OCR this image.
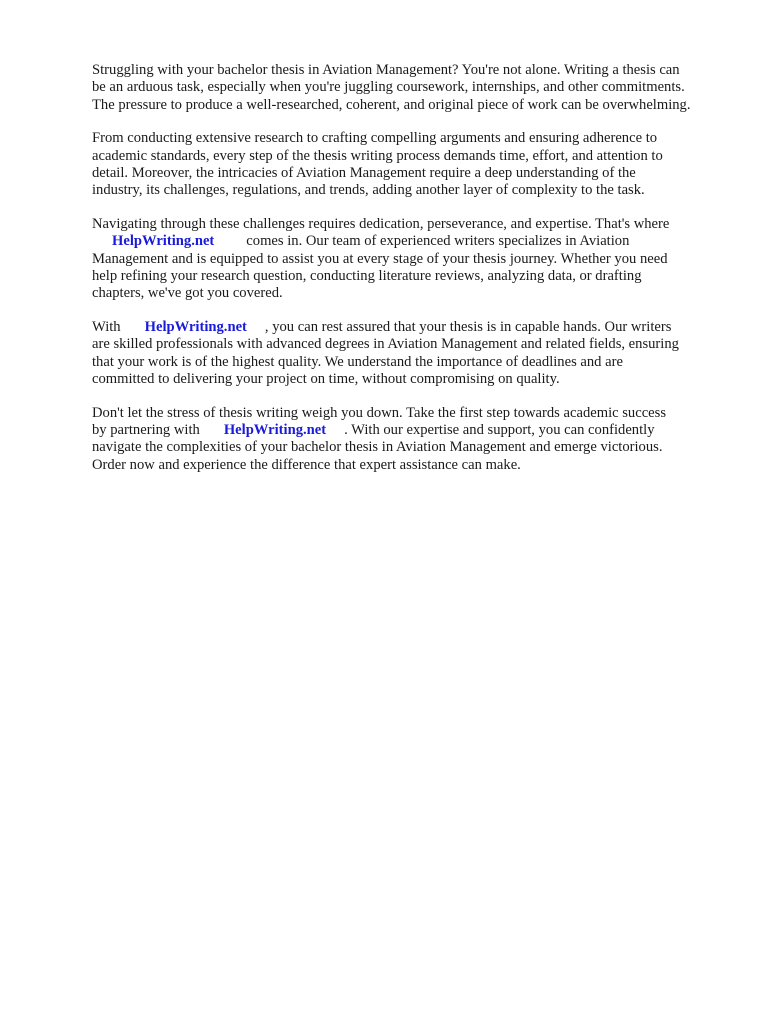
Struggling with your bachelor thesis in Aviation Management? You're not alone. Writing a thesis can
be an arduous task, especially when you're juggling coursework, internships, and other commitments.
The pressure to produce a well-researched, coherent, and original piece of work can be overwhelming.

From conducting extensive research to crafting compelling arguments and ensuring adherence to
academic standards, every step of the thesis writing process demands time, effort, and attention to
detail. Moreover, the intricacies of Aviation Management require a deep understanding of the
industry, its challenges, regulations, and trends, adding another layer of complexity to the task.

Navigating through these challenges requires dedication, perseverance, and expertise. That's where
HelpWriting.net comes in. Our team of experienced writers specializes in Aviation
Management and is equipped to assist you at every stage of your thesis journey. Whether you need
help refining your research question, conducting literature reviews, analyzing data, or drafting
chapters, we've got you covered.

With HelpWriting.net , you can rest assured that your thesis is in capable hands. Our writers
are skilled professionals with advanced degrees in Aviation Management and related fields, ensuring
that your work is of the highest quality. We understand the importance of deadlines and are
committed to delivering your project on time, without compromising on quality.

Don't let the stress of thesis writing weigh you down. Take the first step towards academic success
by partnering with HelpWriting.net . With our expertise and support, you can confidently
navigate the complexities of your bachelor thesis in Aviation Management and emerge victorious.
Order now and experience the difference that expert assistance can make.
